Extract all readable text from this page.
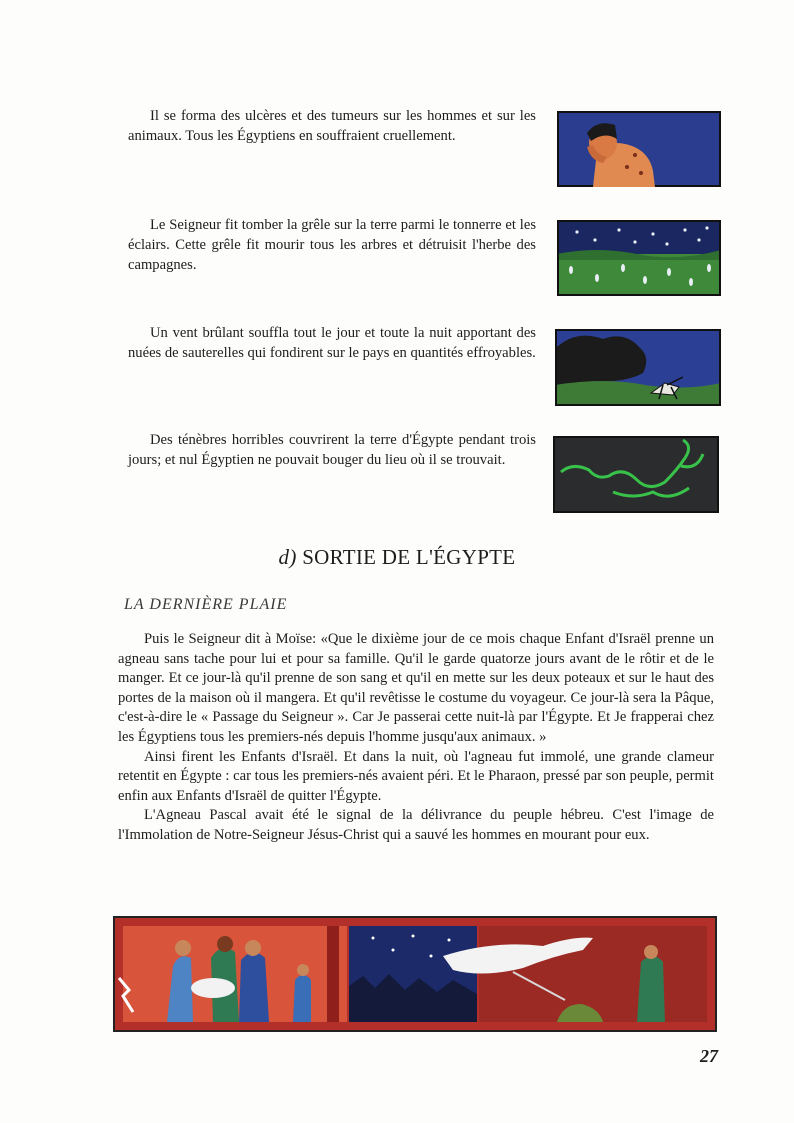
Il se forma des ulcères et des tumeurs sur les hommes et sur les animaux. Tous les Égyptiens en souffraient cruellement.

Le Seigneur fit tomber la grêle sur la terre parmi le tonnerre et les éclairs. Cette grêle fit mourir tous les arbres et détruisit l'herbe des campagnes.

Un vent brûlant souffla tout le jour et toute la nuit apportant des nuées de sauterelles qui fondirent sur le pays en quantités effroyables.

Des ténèbres horribles couvrirent la terre d'Égypte pendant trois jours; et nul Égyptien ne pouvait bouger du lieu où il se trouvait.

d) SORTIE DE L'ÉGYPTE
LA DERNIÈRE PLAIE

Puis le Seigneur dit à Moïse: «Que le dixième jour de ce mois chaque Enfant d'Israël prenne un agneau sans tache pour lui et pour sa famille. Qu'il le garde quatorze jours avant de le rôtir et de le manger. Et ce jour-là qu'il prenne de son sang et qu'il en mette sur les deux poteaux et sur le haut des portes de la maison où il mangera. Et qu'il revêtisse le costume du voyageur. Ce jour-là sera la Pâque, c'est-à-dire le « Passage du Seigneur ». Car Je passerai cette nuit-là par l'Égypte. Et Je frapperai chez les Égyptiens tous les premiers-nés depuis l'homme jusqu'aux animaux. »

Ainsi firent les Enfants d'Israël. Et dans la nuit, où l'agneau fut immolé, une grande clameur retentit en Égypte : car tous les premiers-nés avaient péri. Et le Pharaon, pressé par son peuple, permit enfin aux Enfants d'Israël de quitter l'Égypte.

L'Agneau Pascal avait été le signal de la délivrance du peuple hébreu. C'est l'image de l'Immolation de Notre-Seigneur Jésus-Christ qui a sauvé les hommes en mourant pour eux.

27
